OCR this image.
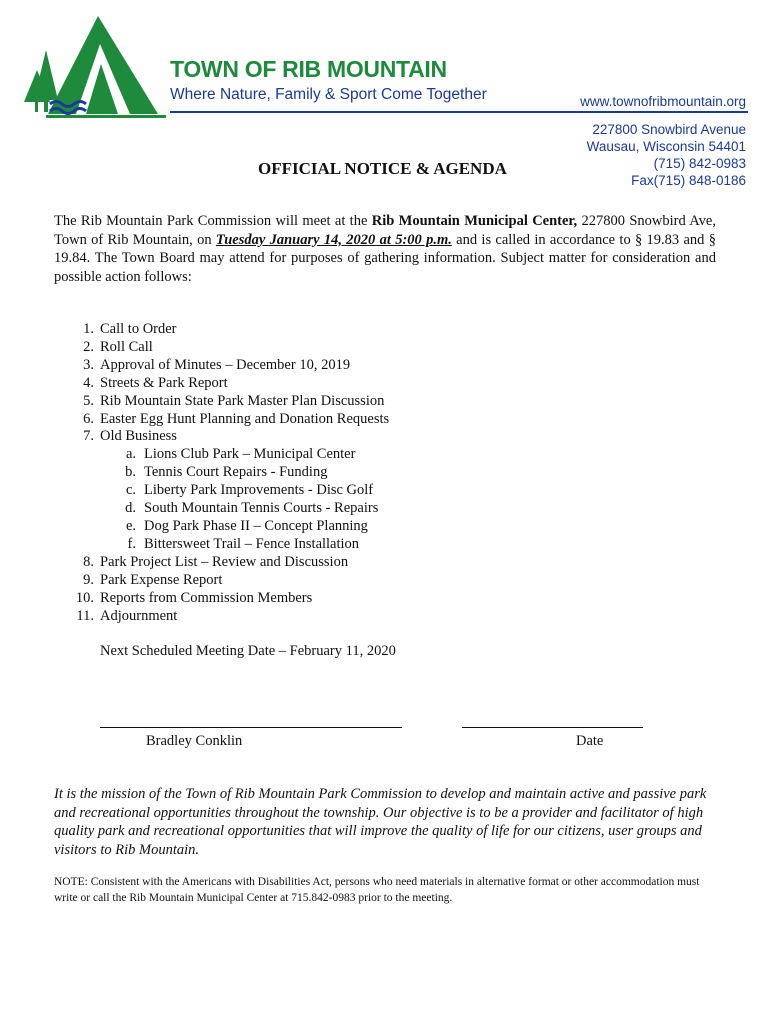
TOWN OF RIB MOUNTAIN
Where Nature, Family & Sport Come Together	www.townofribmountain.org
227800 Snowbird Avenue
Wausau, Wisconsin 54401
(715) 842-0983
Fax(715) 848-0186
OFFICIAL NOTICE & AGENDA
The Rib Mountain Park Commission will meet at the Rib Mountain Municipal Center, 227800 Snowbird Ave, Town of Rib Mountain, on Tuesday January 14, 2020 at 5:00 p.m. and is called in accordance to § 19.83 and § 19.84. The Town Board may attend for purposes of gathering information. Subject matter for consideration and possible action follows:
1. Call to Order
2. Roll Call
3. Approval of Minutes – December 10, 2019
4. Streets & Park Report
5. Rib Mountain State Park Master Plan Discussion
6. Easter Egg Hunt Planning and Donation Requests
7. Old Business
a. Lions Club Park – Municipal Center
b. Tennis Court Repairs - Funding
c. Liberty Park Improvements - Disc Golf
d. South Mountain Tennis Courts - Repairs
e. Dog Park Phase II – Concept Planning
f. Bittersweet Trail – Fence Installation
8. Park Project List – Review and Discussion
9. Park Expense Report
10. Reports from Commission Members
11. Adjournment
Next Scheduled Meeting Date – February 11, 2020
Bradley Conklin	Date
It is the mission of the Town of Rib Mountain Park Commission to develop and maintain active and passive park and recreational opportunities throughout the township. Our objective is to be a provider and facilitator of high quality park and recreational opportunities that will improve the quality of life for our citizens, user groups and visitors to Rib Mountain.
NOTE: Consistent with the Americans with Disabilities Act, persons who need materials in alternative format or other accommodation must write or call the Rib Mountain Municipal Center at 715.842-0983 prior to the meeting.
